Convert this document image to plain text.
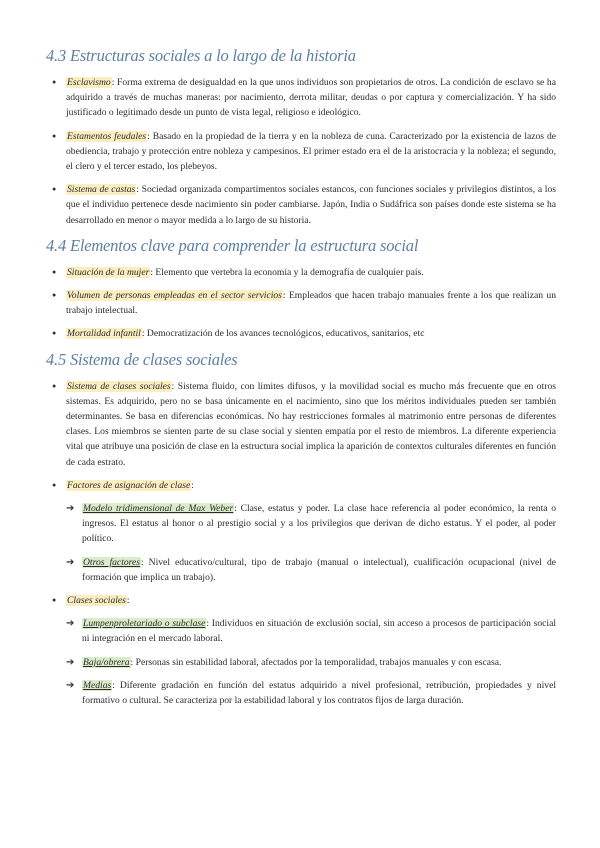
4.3 Estructuras sociales a lo largo de la historia
● Esclavismo: Forma extrema de desigualdad en la que unos individuos son propietarios de otros. La condición de esclavo se ha adquirido a través de muchas maneras: por nacimiento, derrota militar, deudas o por captura y comercialización. Y ha sido justificado o legitimado desde un punto de vista legal, religioso e ideológico.
● Estamentos feudales: Basado en la propiedad de la tierra y en la nobleza de cuna. Caracterizado por la existencia de lazos de obediencia, trabajo y protección entre nobleza y campesinos. El primer estado era el de la aristocracia y la nobleza; el segundo, el clero y el tercer estado, los plebeyos.
● Sistema de castas: Sociedad organizada compartimentos sociales estancos, con funciones sociales y privilegios distintos, a los que el individuo pertenece desde nacimiento sin poder cambiarse. Japón, India o Sudáfrica son países donde este sistema se ha desarrollado en menor o mayor medida a lo largo de su historia.
4.4 Elementos clave para comprender la estructura social
● Situación de la mujer: Elemento que vertebra la economía y la demografía de cualquier país.
● Volumen de personas empleadas en el sector servicios: Empleados que hacen trabajo manuales frente a los que realizan un trabajo intelectual.
● Mortalidad infantil: Democratización de los avances tecnológicos, educativos, sanitarios, etc
4.5 Sistema de clases sociales
● Sistema de clases sociales: Sistema fluido, con límites difusos, y la movilidad social es mucho más frecuente que en otros sistemas. Es adquirido, pero no se basa únicamente en el nacimiento, sino que los méritos individuales pueden ser también determinantes. Se basa en diferencias económicas. No hay restricciones formales al matrimonio entre personas de diferentes clases. Los miembros se sienten parte de su clase social y sienten empatía por el resto de miembros. La diferente experiencia vital que atribuye una posición de clase en la estructura social implica la aparición de contextos culturales diferentes en función de cada estrato.
● Factores de asignación de clase:
➔ Modelo tridimensional de Max Weber: Clase, estatus y poder. La clase hace referencia al poder económico, la renta o ingresos. El estatus al honor o al prestigio social y a los privilegios que derivan de dicho estatus. Y el poder, al poder político.
➔ Otros factores: Nivel educativo/cultural, tipo de trabajo (manual o intelectual), cualificación ocupacional (nivel de formación que implica un trabajo).
● Clases sociales:
➔ Lumpenproletariado o subclase: Individuos en situación de exclusión social, sin acceso a procesos de participación social ni integración en el mercado laboral.
➔ Baja/obrera: Personas sin estabilidad laboral, afectados por la temporalidad, trabajos manuales y con escasa.
➔ Medias: Diferente gradación en función del estatus adquirido a nivel profesional, retribución, propiedades y nivel formativo o cultural. Se caracteriza por la estabilidad laboral y los contratos fijos de larga duración.
